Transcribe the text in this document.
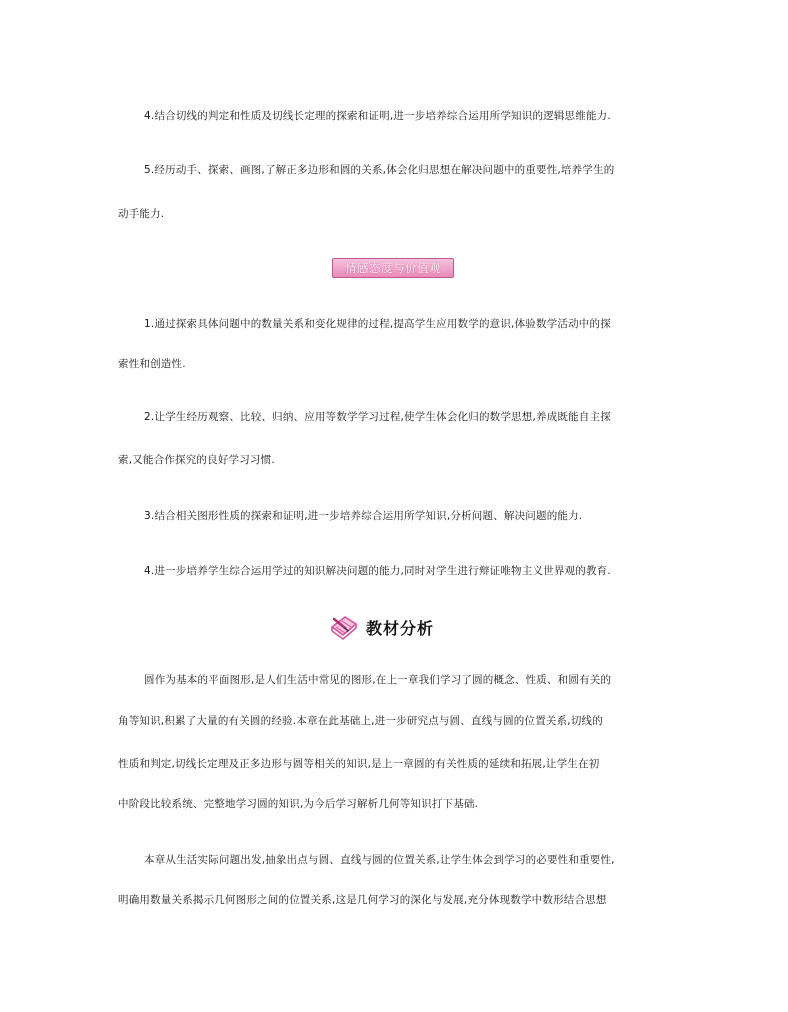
4.结合切线的判定和性质及切线长定理的探索和证明,进一步培养综合运用所学知识的逻辑思维能力.
5.经历动手、探索、画图,了解正多边形和圆的关系,体会化归思想在解决问题中的重要性,培养学生的
动手能力.
情感态度与价值观
1.通过探索具体问题中的数量关系和变化规律的过程,提高学生应用数学的意识,体验数学活动中的探
索性和创造性.
2.让学生经历观察、比较、归纳、应用等数学学习过程,使学生体会化归的数学思想,养成既能自主探
索,又能合作探究的良好学习习惯.
3.结合相关图形性质的探索和证明,进一步培养综合运用所学知识,分析问题、解决问题的能力.
4.进一步培养学生综合运用学过的知识解决问题的能力,同时对学生进行辩证唯物主义世界观的教育.
教材分析
圆作为基本的平面图形,是人们生活中常见的图形,在上一章我们学习了圆的概念、性质、和圆有关的
角等知识,积累了大量的有关圆的经验.本章在此基础上,进一步研究点与圆、直线与圆的位置关系,切线的
性质和判定,切线长定理及正多边形与圆等相关的知识,是上一章圆的有关性质的延续和拓展,让学生在初
中阶段比较系统、完整地学习圆的知识,为今后学习解析几何等知识打下基础.
本章从生活实际问题出发,抽象出点与圆、直线与圆的位置关系,让学生体会到学习的必要性和重要性,
明确用数量关系揭示几何图形之间的位置关系,这是几何学习的深化与发展,充分体现数学中数形结合思想
